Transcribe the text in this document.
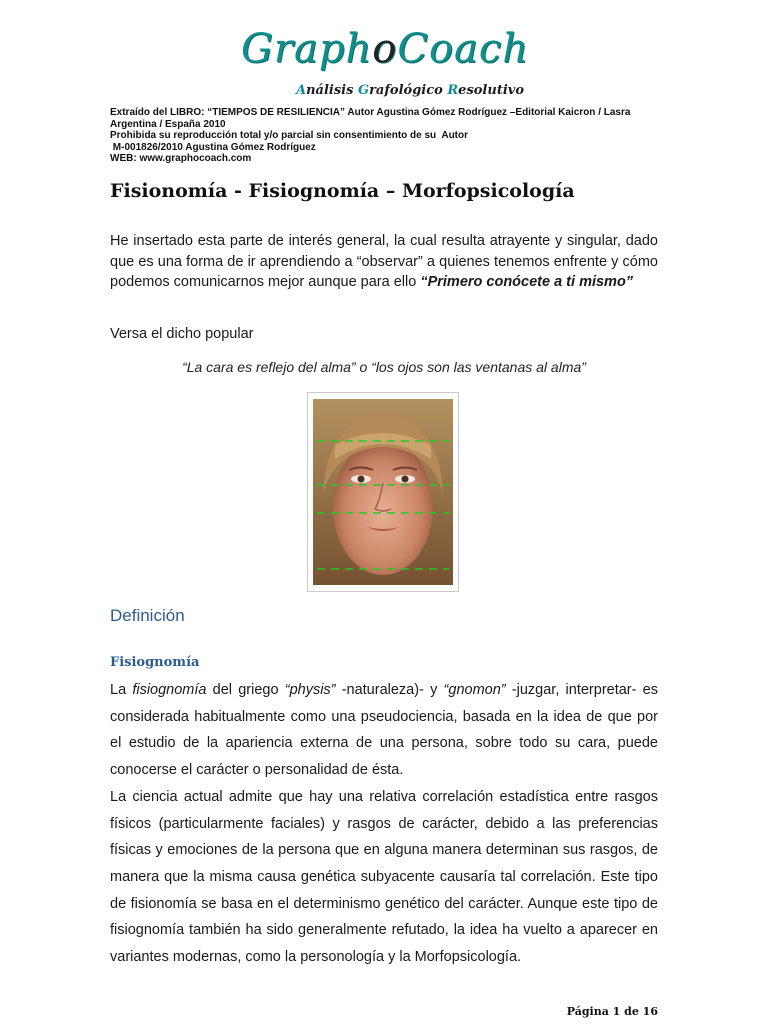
GraphoCoach
Análisis Grafológico Resolutivo
Extraído del LIBRO: “TIEMPOS DE RESILIENCIA” Autor Agustina Gómez Rodríguez –Editorial Kaicron / Lasra Argentina / España 2010
Prohibida su reproducción total y/o parcial sin consentimiento de su  Autor
M-001826/2010 Agustina Gómez Rodríguez
WEB: www.graphocoach.com
Fisionomía - Fisiognomía – Morfopsicología
He insertado esta parte de interés general, la cual resulta atrayente y singular, dado que es una forma de ir aprendiendo a “observar” a quienes tenemos enfrente y cómo podemos comunicarnos mejor aunque para ello “Primero conócete a ti mismo”
Versa el dicho popular
“La cara es reflejo del alma” o “los ojos son las ventanas al alma”
Definición
Fisiognomía

La fisiognomía del griego “physis” -naturaleza)- y “gnomon” -juzgar, interpretar- es considerada habitualmente como una pseudociencia, basada en la idea de que por el estudio de la apariencia externa de una persona, sobre todo su cara, puede conocerse el carácter o personalidad de ésta.

La ciencia actual admite que hay una relativa correlación estadística entre rasgos físicos (particularmente faciales) y rasgos de carácter, debido a las preferencias físicas y emociones de la persona que en alguna manera determinan sus rasgos, de manera que la misma causa genética subyacente causaría tal correlación. Este tipo de fisionomía se basa en el determinismo genético del carácter. Aunque este tipo de fisiognomía también ha sido generalmente refutado, la idea ha vuelto a aparecer en variantes modernas, como la personología y la Morfopsicología.

Página 1 de 16
